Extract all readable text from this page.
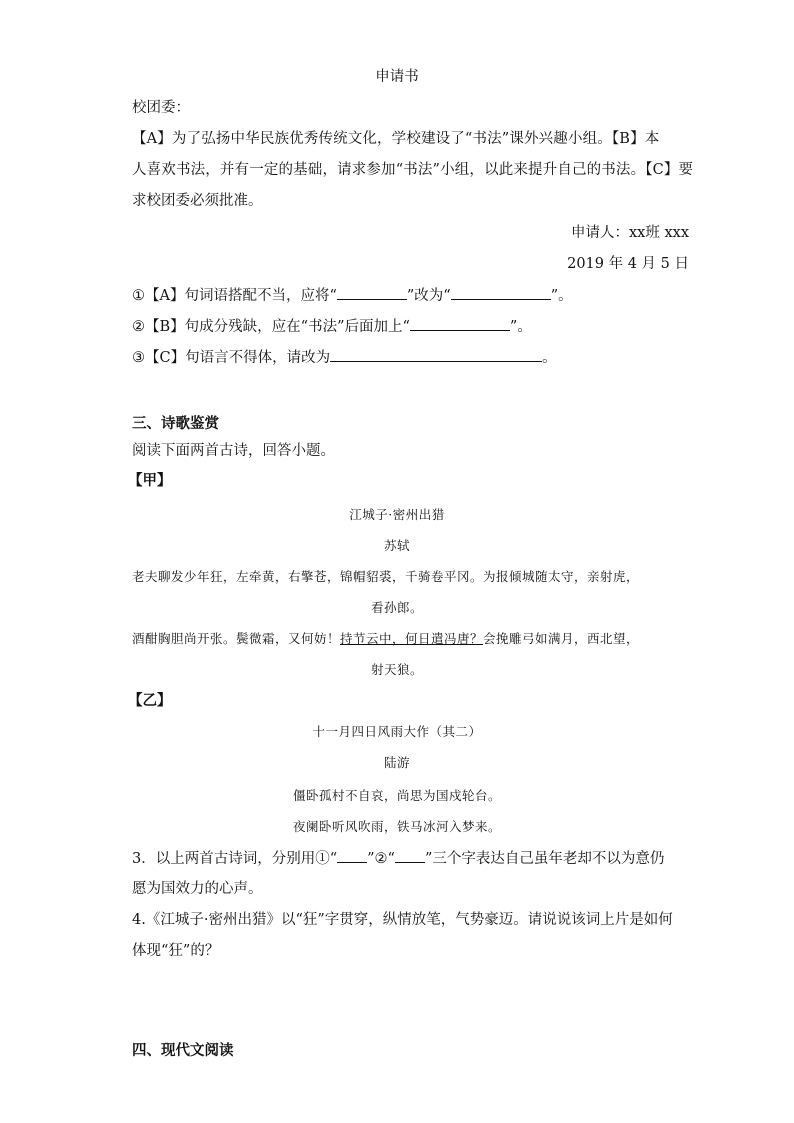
申请书
校团委：
【A】为了弘扬中华民族优秀传统文化，学校建设了“书法”课外兴趣小组。【B】本
人喜欢书法，并有一定的基础，请求参加“书法”小组，以此来提升自己的书法。【C】要
求校团委必须批准。
申请人：xx班 xxx
2019 年 4 月 5 日
①【A】句词语搭配不当，应将“	”改为“	”。
②【B】句成分残缺，应在“书法”后面加上“	”。
③【C】句语言不得体，请改为	。
三、诗歌鉴赏
阅读下面两首古诗，回答小题。
【甲】
江城子·密州出猎
苏轼
老夫聊发少年狂，左牵黄，右擎苍，锦帽貂裘，千骑卷平冈。为报倾城随太守，亲射虎，
看孙郎。
酒酣胸胆尚开张。鬓微霜，又何妨！持节云中，何日遣冯唐？会挽雕弓如满月，西北望，
射天狼。
【乙】
十一月四日风雨大作（其二）
陆游
僵卧孤村不自哀，尚思为国戍轮台。
夜阑卧听风吹雨，铁马冰河入梦来。
3．以上两首古诗词，分别用①“ ”②“ ”三个字表达自己虽年老却不以为意仍
愿为国效力的心声。
4.《江城子·密州出猎》以“狂”字贯穿，纵情放笔，气势豪迈。请说说该词上片是如何
体现“狂”的？
四、现代文阅读
